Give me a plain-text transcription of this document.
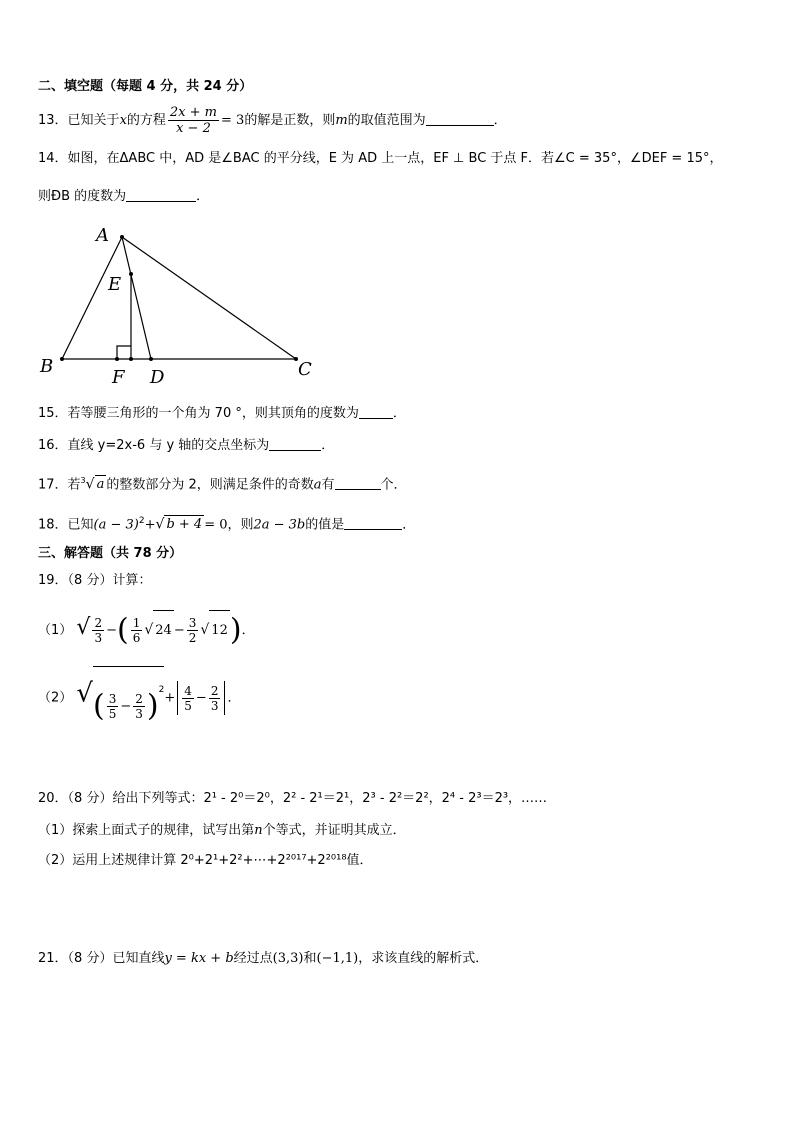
二、填空题（每题 4 分，共 24 分）
13．已知关于x的方程 $\frac{2x + m}{x - 2} = 3$的解是正数，则m的取值范围为	．
14．如图，在ΔABC 中，AD 是∠BAC 的平分线，E 为 AD 上一点，EF ⊥ BC 于点 F．若∠C = 35°，∠DEF = 15°，
则ÐB 的度数为	．
A
E
B
F D	C
15．若等腰三角形的一个角为 70 °，则其顶角的度数为	．
16．直线 y=2x-6 与 y 轴的交点坐标为	．
17．若$^3$√ a 的整数部分为 2，则满足条件的奇数a有	个．
18．已知$(a - 3)^2+√$ b + 4 = 0，则2a − 3b的值是	．
三、解答题（共 78 分）
19．（8 分）计算：
（1） √ $\frac{2}{3}$ −( $\frac{1}{6}$ √ $24 - \frac{3}{2}$ √ 12)．
（2） √( $\frac{3}{5} - \frac{2}{3} )^2+ \frac{4}{5} - \frac{2}{3}$ ．
20．（8 分）给出下列等式：2¹ - 2⁰＝2⁰，2² - 2¹＝2¹，2³ - 2²＝2²，2⁴ - 2³＝2³，……
（1）探索上面式子的规律，试写出第n个等式，并证明其成立．
（2）运用上述规律计算 2⁰+2¹+2²+⋯+2²⁰¹⁷+2²⁰¹⁸值．
21．（8 分）已知直线y = kx + b经过点(3,3)和(−1,1)，求该直线的解析式．
